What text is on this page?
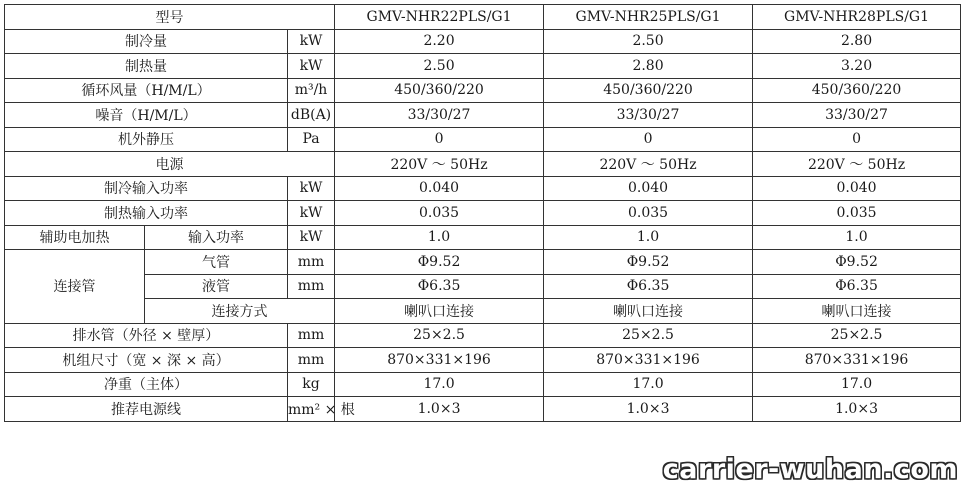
型号			GMV-NHR22PLS/G1	GMV-NHR25PLS/G1	GMV-NHR28PLS/G1
制冷量		kW	2.20	2.50	2.80
制热量		kW	2.50	2.80	3.20
循环风量（H/M/L）		m³/h	450/360/220	450/360/220	450/360/220
噪音（H/M/L）		dB(A)	33/30/27	33/30/27	33/30/27
机外静压		Pa	0	0	0
电源			220V ～ 50Hz	220V ～ 50Hz	220V ～ 50Hz
制冷输入功率		kW	0.040	0.040	0.040
制热输入功率		kW	0.035	0.035	0.035
辅助电加热	输入功率	kW	1.0	1.0	1.0
连接管	气管	mm	Φ9.52	Φ9.52	Φ9.52
	液管	mm	Φ6.35	Φ6.35	Φ6.35
	连接方式		喇叭口连接	喇叭口连接	喇叭口连接
排水管（外径 × 壁厚）		mm	25×2.5	25×2.5	25×2.5
机组尺寸（宽 × 深 × 高）		mm	870×331×196	870×331×196	870×331×196
净重（主体）		kg	17.0	17.0	17.0
推荐电源线		mm² × 根	1.0×3	1.0×3	1.0×3
carrier-wuhan.com
